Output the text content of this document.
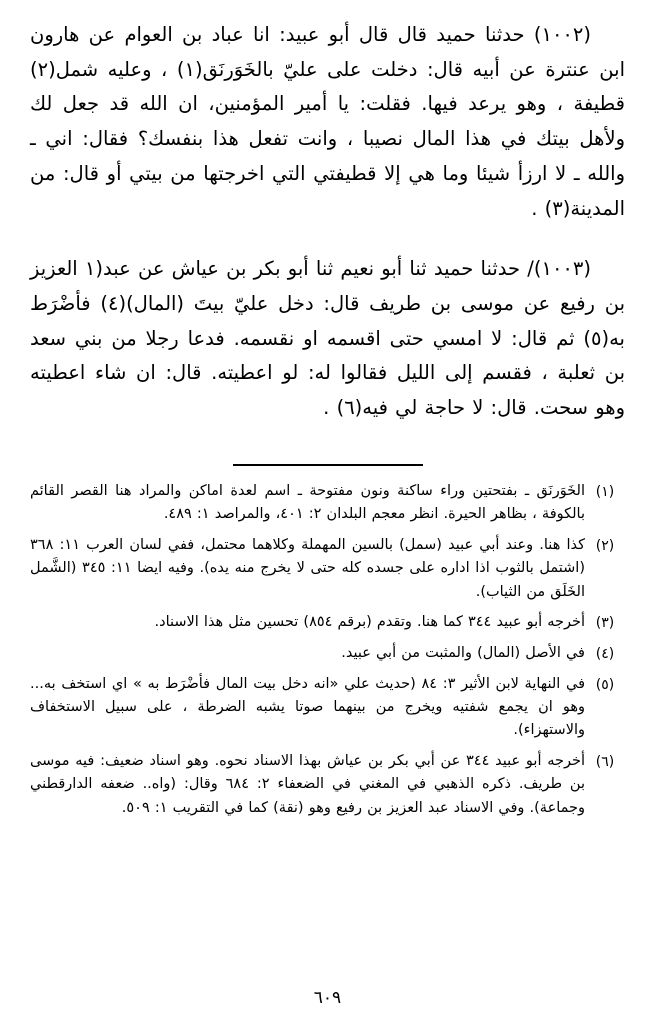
(١٠٠٢) حدثنا حميد قال قال أبو عبيد: انا عباد بن العوام عن هارون ابن عنترة عن أبيه قال: دخلت على عليّ بالخَوَرنَق(١) ، وعليه شمل(٢) قطيفة ، وهو يرعد فيها. فقلت: يا أمير المؤمنين، ان الله قد جعل لك ولأهل بيتك في هذا المال نصيبا ، وانت تفعل هذا بنفسك؟ فقال: اني ـ والله ـ لا ارزأ شيئا وما هي إلا قطيفتي التي اخرجتها من بيتي أو قال: من المدينة(٣) .

(١٠٠٣)/ حدثنا حميد ثنا أبو نعيم ثنا أبو بكر بن عياش عن عبد(١ العزيز بن رفيع عن موسى بن طريف قال: دخل عليّ بيتَ (المال)(٤) فأضْرَط به(٥) ثم قال: لا امسي حتى اقسمه او نقسمه. فدعا رجلا من بني سعد بن ثعلبة ، فقسم إلى الليل فقالوا له: لو اعطيته. قال: ان شاء اعطيته وهو سحت. قال: لا حاجة لي فيه(٦) .

(١)
الخَوَرنَق ـ بفتحتين وراء ساكنة ونون مفتوحة ـ اسم لعدة اماكن والمراد هنا القصر القائم بالكوفة ، بظاهر الحيرة. انظر معجم البلدان ٢: ٤٠١، والمراصد ١: ٤٨٩.
(٢)
كذا هنا. وعند أبي عبيد (سمل) بالسين المهملة وكلاهما محتمل، ففي لسان العرب ١١: ٣٦٨ (اشتمل بالثوب اذا اداره على جسده كله حتى لا يخرج منه يده). وفيه ايضا ١١: ٣٤٥ (الشَّمل الخَلَق من الثياب).
(٣)
أخرجه أبو عبيد ٣٤٤ كما هنا. وتقدم (برقم ٨٥٤) تحسين مثل هذا الاسناد.
(٤)
في الأصل (المال) والمثبت من أبي عبيد.
(٥)
في النهاية لابن الأثير ٣: ٨٤ (حديث علي «انه دخل بيت المال فأضْرَط به » اي استخف به... وهو ان يجمع شفتيه ويخرج من بينهما صوتا يشبه الضرطة ، على سبيل الاستخفاف والاستهزاء).
(٦)
أخرجه أبو عبيد ٣٤٤ عن أبي بكر بن عياش بهذا الاسناد نحوه. وهو اسناد ضعيف: فيه موسى بن طريف. ذكره الذهبي في المغني في الضعفاء ٢: ٦٨٤ وقال: (واه.. ضعفه الدارقطني وجماعة). وفي الاسناد عبد العزيز بن رفيع وهو (نقة) كما في التقريب ١: ٥٠٩.
٦٠٩
